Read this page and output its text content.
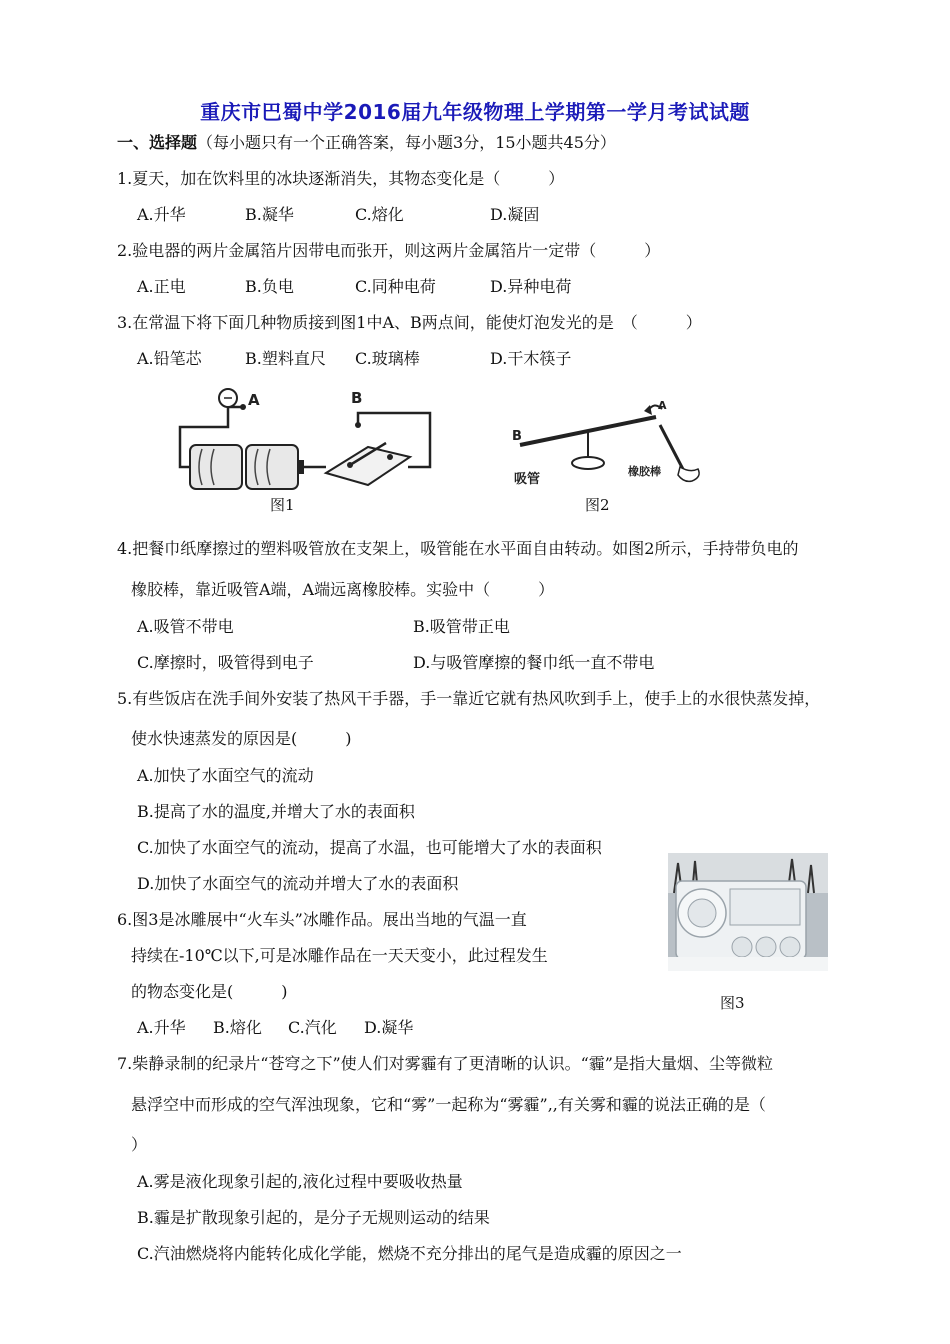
重庆市巴蜀中学2016届九年级物理上学期第一学月考试试题
一、选择题（每小题只有一个正确答案，每小题3分，15小题共45分）
1.夏天，加在饮料里的冰块逐渐消失，其物态变化是（　　　）
A.升华	B.凝华	C.熔化	D.凝固
2.验电器的两片金属箔片因带电而张开，则这两片金属箔片一定带（　　　）
A.正电	B.负电	C.同种电荷	D.异种电荷
3.在常温下将下面几种物质接到图1中A、B两点间，能使灯泡发光的是　（　　　）
A.铅笔芯	B.塑料直尺 C.玻璃棒	D.干木筷子
A	B
图1
B
A
吸管
橡胶棒
图2
4.把餐巾纸摩擦过的塑料吸管放在支架上，吸管能在水平面自由转动。如图2所示，手持带负电的
橡胶棒，靠近吸管A端，A端远离橡胶棒。实验中（　　　）
A.吸管不带电	B.吸管带正电
C.摩擦时，吸管得到电子	D.与吸管摩擦的餐巾纸一直不带电
5.有些饭店在洗手间外安装了热风干手器，手一靠近它就有热风吹到手上，使手上的水很快蒸发掉，
使水快速蒸发的原因是(　　　)
A.加快了水面空气的流动
B.提高了水的温度,并增大了水的表面积
C.加快了水面空气的流动，提高了水温，也可能增大了水的表面积
D.加快了水面空气的流动并增大了水的表面积
图3
6.图3是冰雕展中“火车头”冰雕作品。展出当地的气温一直
持续在-10℃以下,可是冰雕作品在一天天变小，此过程发生
的物态变化是(　　　)
A.升华 B.熔化 C.汽化 D.凝华
7.柴静录制的纪录片“苍穹之下”使人们对雾霾有了更清晰的认识。“霾”是指大量烟、尘等微粒
悬浮空中而形成的空气浑浊现象，它和“雾”一起称为“雾霾”,,有关雾和霾的说法正确的是（
）
A.雾是液化现象引起的,液化过程中要吸收热量
B.霾是扩散现象引起的，是分子无规则运动的结果
C.汽油燃烧将内能转化成化学能，燃烧不充分排出的尾气是造成霾的原因之一
